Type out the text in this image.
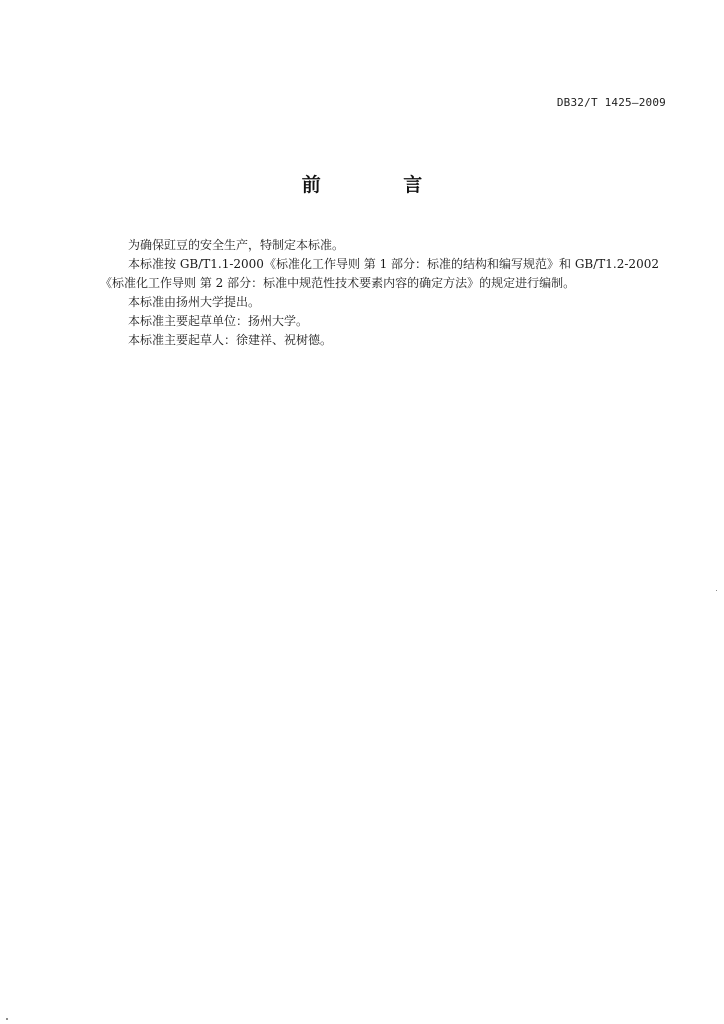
DB32/T 1425—2009
前 言

为确保豇豆的安全生产，特制定本标准。

本标准按 GB/T1.1-2000《标准化工作导则 第 1 部分：标准的结构和编写规范》和 GB/T1.2-2002
《标准化工作导则 第 2 部分：标准中规范性技术要素内容的确定方法》的规定进行编制。

本标准由扬州大学提出。

本标准主要起草单位：扬州大学。

本标准主要起草人：徐建祥、祝树德。
